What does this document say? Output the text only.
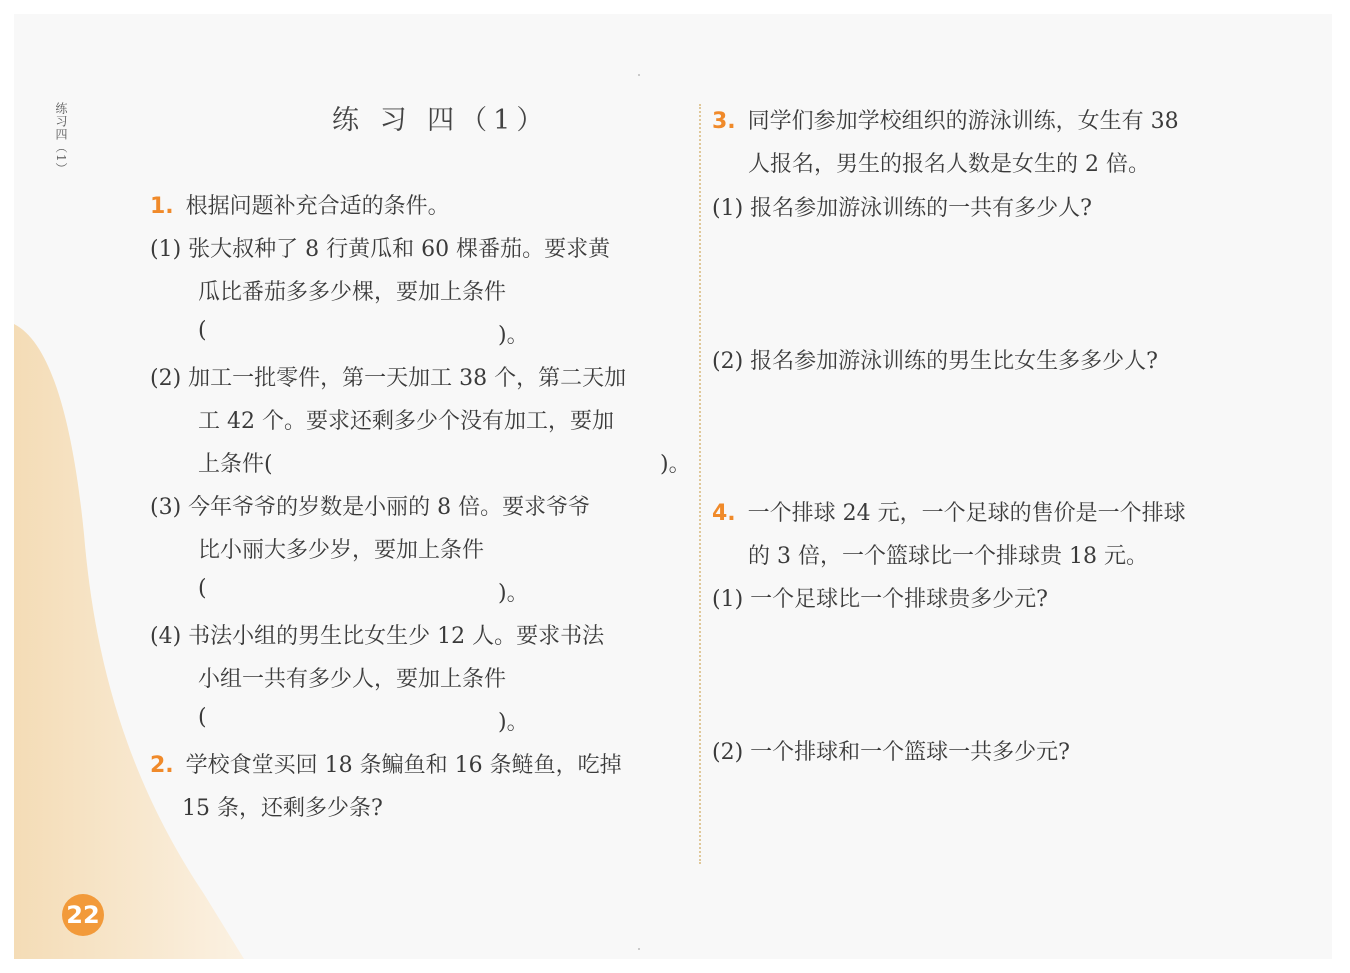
练习四（1）
22
练 习 四（1）
1. 根据问题补充合适的条件。
(1) 张大叔种了 8 行黄瓜和 60 棵番茄。要求黄
瓜比番茄多多少棵，要加上条件
(	)。
(2) 加工一批零件，第一天加工 38 个，第二天加
工 42 个。要求还剩多少个没有加工，要加
上条件(	)。
(3) 今年爷爷的岁数是小丽的 8 倍。要求爷爷
比小丽大多少岁，要加上条件
(	)。
(4) 书法小组的男生比女生少 12 人。要求书法
小组一共有多少人，要加上条件
(	)。
2. 学校食堂买回 18 条鳊鱼和 16 条鲢鱼，吃掉
15 条，还剩多少条?
3. 同学们参加学校组织的游泳训练，女生有 38
人报名，男生的报名人数是女生的 2 倍。
(1) 报名参加游泳训练的一共有多少人?
(2) 报名参加游泳训练的男生比女生多多少人?
4. 一个排球 24 元，一个足球的售价是一个排球
的 3 倍，一个篮球比一个排球贵 18 元。
(1) 一个足球比一个排球贵多少元?
(2) 一个排球和一个篮球一共多少元?
